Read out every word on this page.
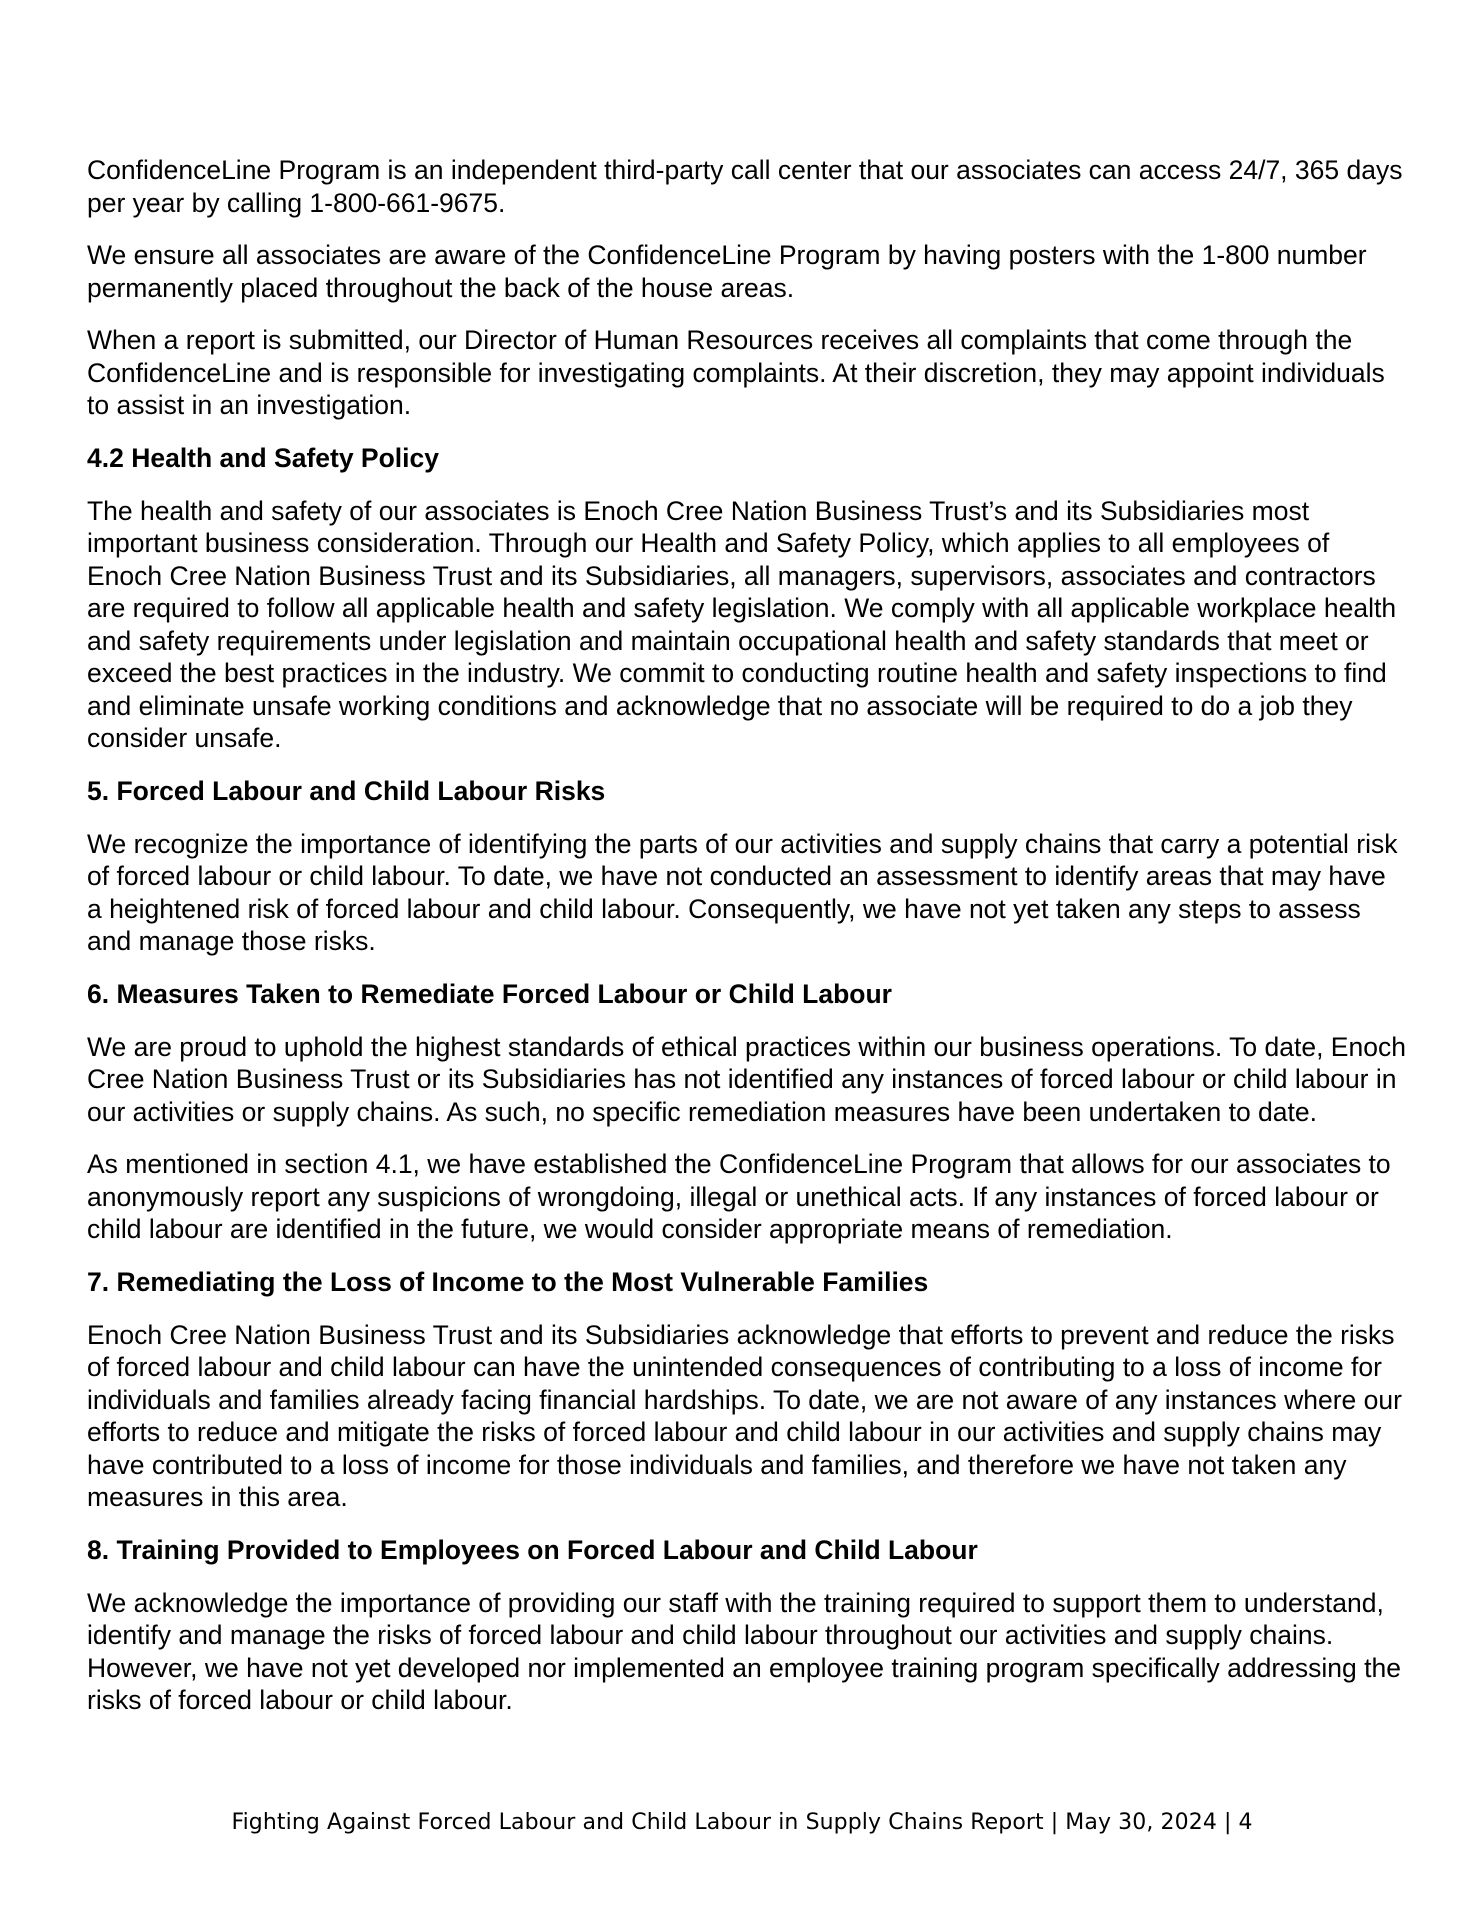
ConfidenceLine Program is an independent third-party call center that our associates can access 24/7, 365 days per year by calling 1-800-661-9675.

We ensure all associates are aware of the ConfidenceLine Program by having posters with the 1-800 number permanently placed throughout the back of the house areas.

When a report is submitted, our Director of Human Resources receives all complaints that come through the ConfidenceLine and is responsible for investigating complaints. At their discretion, they may appoint individuals to assist in an investigation.

4.2 Health and Safety Policy

The health and safety of our associates is Enoch Cree Nation Business Trust’s and its Subsidiaries most important business consideration. Through our Health and Safety Policy, which applies to all employees of Enoch Cree Nation Business Trust and its Subsidiaries, all managers, supervisors, associates and contractors are required to follow all applicable health and safety legislation. We comply with all applicable workplace health and safety requirements under legislation and maintain occupational health and safety standards that meet or exceed the best practices in the industry. We commit to conducting routine health and safety inspections to find and eliminate unsafe working conditions and acknowledge that no associate will be required to do a job they consider unsafe.

5. Forced Labour and Child Labour Risks

We recognize the importance of identifying the parts of our activities and supply chains that carry a potential risk of forced labour or child labour. To date, we have not conducted an assessment to identify areas that may have a heightened risk of forced labour and child labour. Consequently, we have not yet taken any steps to assess and manage those risks.

6. Measures Taken to Remediate Forced Labour or Child Labour

We are proud to uphold the highest standards of ethical practices within our business operations. To date, Enoch Cree Nation Business Trust or its Subsidiaries has not identified any instances of forced labour or child labour in our activities or supply chains. As such, no specific remediation measures have been undertaken to date.

As mentioned in section 4.1, we have established the ConfidenceLine Program that allows for our associates to anonymously report any suspicions of wrongdoing, illegal or unethical acts. If any instances of forced labour or child labour are identified in the future, we would consider appropriate means of remediation.

7. Remediating the Loss of Income to the Most Vulnerable Families

Enoch Cree Nation Business Trust and its Subsidiaries acknowledge that efforts to prevent and reduce the risks of forced labour and child labour can have the unintended consequences of contributing to a loss of income for individuals and families already facing financial hardships. To date, we are not aware of any instances where our efforts to reduce and mitigate the risks of forced labour and child labour in our activities and supply chains may have contributed to a loss of income for those individuals and families, and therefore we have not taken any measures in this area.

8. Training Provided to Employees on Forced Labour and Child Labour

We acknowledge the importance of providing our staff with the training required to support them to understand, identify and manage the risks of forced labour and child labour throughout our activities and supply chains. However, we have not yet developed nor implemented an employee training program specifically addressing the risks of forced labour or child labour.

Fighting Against Forced Labour and Child Labour in Supply Chains Report | May 30, 2024 | 4
